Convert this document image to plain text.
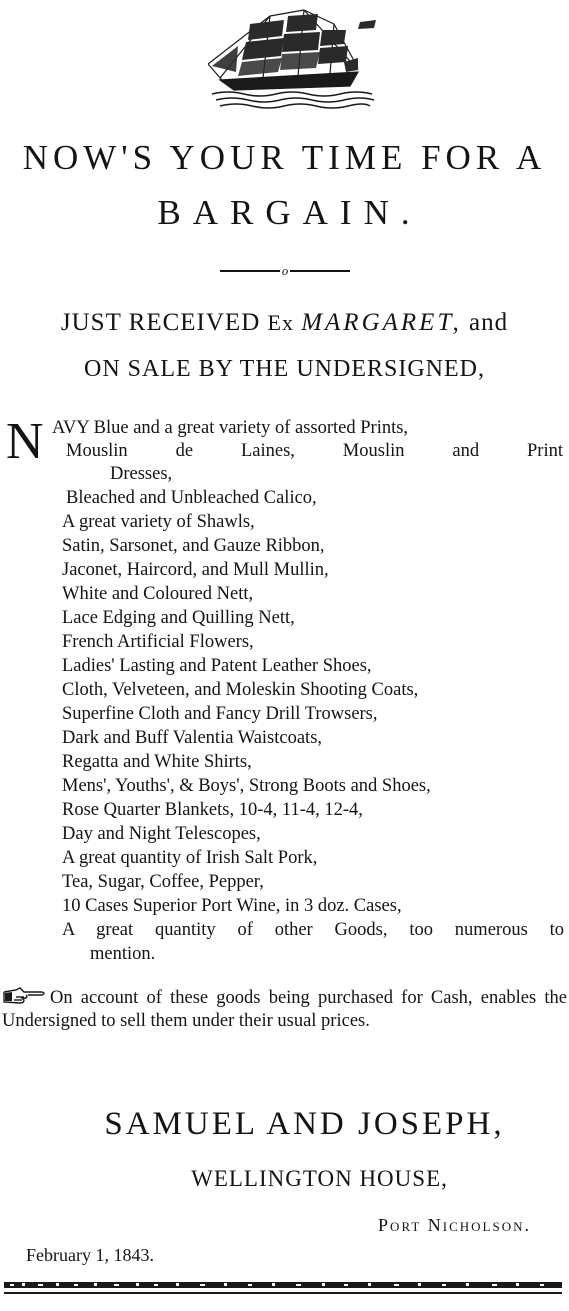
NOW'S YOUR TIME FOR A
BARGAIN.
o
JUST RECEIVED Ex MARGARET, and
ON SALE BY THE UNDERSIGNED,
N AVY Blue and a great variety of assorted Prints,
Mouslin de Laines, Mouslin and Print
Dresses,
Bleached and Unbleached Calico,
A great variety of Shawls,
Satin, Sarsonet, and Gauze Ribbon,
Jaconet, Haircord, and Mull Mullin,
White and Coloured Nett,
Lace Edging and Quilling Nett,
French Artificial Flowers,
Ladies' Lasting and Patent Leather Shoes,
Cloth, Velveteen, and Moleskin Shooting Coats,
Superfine Cloth and Fancy Drill Trowsers,
Dark and Buff Valentia Waistcoats,
Regatta and White Shirts,
Mens', Youths', & Boys', Strong Boots and Shoes,
Rose Quarter Blankets, 10-4, 11-4, 12-4,
Day and Night Telescopes,
A great quantity of Irish Salt Pork,
Tea, Sugar, Coffee, Pepper,
10 Cases Superior Port Wine, in 3 doz. Cases,
A great quantity of other Goods, too numerous to
mention.
On account of these goods being purchased for Cash, enables the Undersigned to sell them under their usual prices.
SAMUEL AND JOSEPH,
WELLINGTON HOUSE,
Port Nicholson.
February 1, 1843.
